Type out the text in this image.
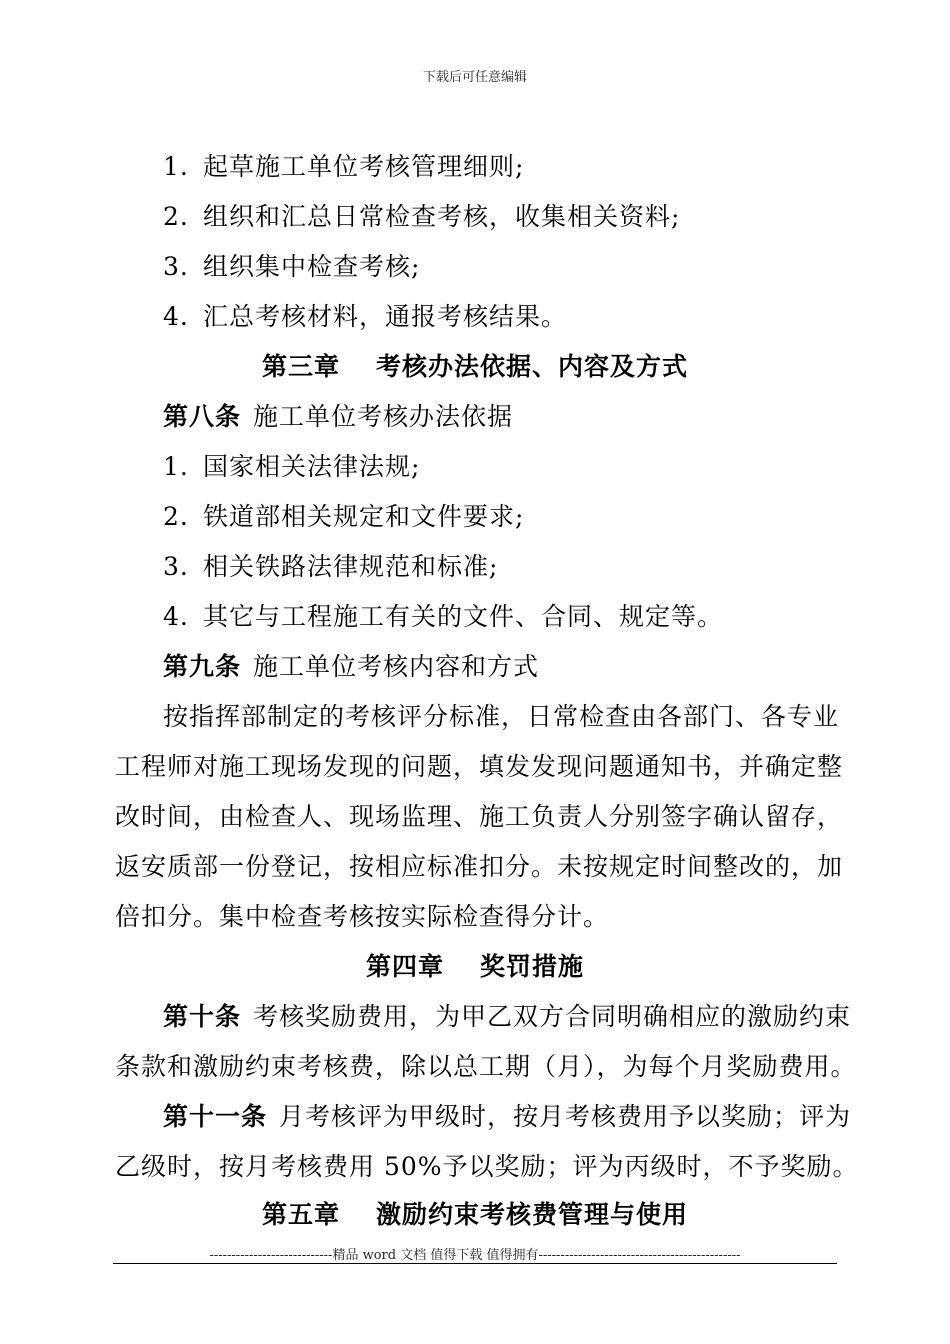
下载后可任意编辑
1. 起草施工单位考核管理细则;
2. 组织和汇总日常检查考核，收集相关资料;
3. 组织集中检查考核;
4. 汇总考核材料，通报考核结果。
第三章 考核办法依据、内容及方式
第八条 施工单位考核办法依据
1. 国家相关法律法规;
2. 铁道部相关规定和文件要求;
3. 相关铁路法律规范和标准;
4. 其它与工程施工有关的文件、合同、规定等。
第九条 施工单位考核内容和方式
按指挥部制定的考核评分标准，日常检查由各部门、各专业
工程师对施工现场发现的问题，填发发现问题通知书，并确定整
改时间，由检查人、现场监理、施工负责人分别签字确认留存，
返安质部一份登记，按相应标准扣分。未按规定时间整改的，加
倍扣分。集中检查考核按实际检查得分计。
第四章 奖罚措施
第十条 考核奖励费用，为甲乙双方合同明确相应的激励约束
条款和激励约束考核费，除以总工期（月），为每个月奖励费用。
第十一条 月考核评为甲级时，按月考核费用予以奖励；评为
乙级时，按月考核费用 50%予以奖励；评为丙级时，不予奖励。
第五章 激励约束考核费管理与使用
----------------------------精品 word 文档 值得下载 值得拥有----------------------------------------------
